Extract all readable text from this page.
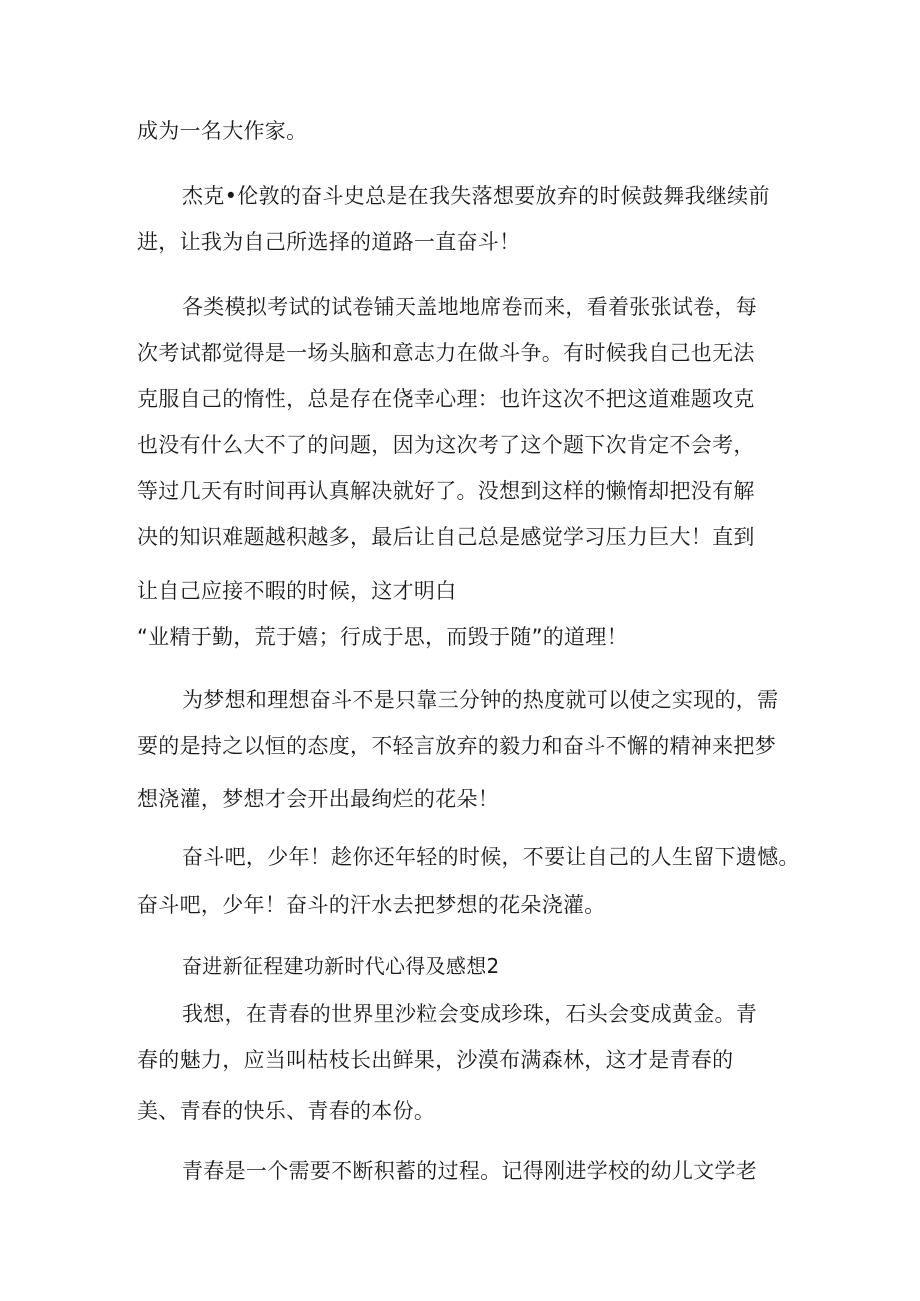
成为一名大作家。
杰克•伦敦的奋斗史总是在我失落想要放弃的时候鼓舞我继续前
进，让我为自己所选择的道路一直奋斗！
各类模拟考试的试卷铺天盖地地席卷而来，看着张张试卷，每
次考试都觉得是一场头脑和意志力在做斗争。有时候我自己也无法
克服自己的惰性，总是存在侥幸心理：也许这次不把这道难题攻克
也没有什么大不了的问题，因为这次考了这个题下次肯定不会考，
等过几天有时间再认真解决就好了。没想到这样的懒惰却把没有解
决的知识难题越积越多，最后让自己总是感觉学习压力巨大！直到
让自己应接不暇的时候，这才明白
“业精于勤，荒于嬉；行成于思，而毁于随”的道理！
为梦想和理想奋斗不是只靠三分钟的热度就可以使之实现的，需
要的是持之以恒的态度，不轻言放弃的毅力和奋斗不懈的精神来把梦
想浇灌，梦想才会开出最绚烂的花朵！
奋斗吧，少年！趁你还年轻的时候，不要让自己的人生留下遗憾。
奋斗吧，少年！奋斗的汗水去把梦想的花朵浇灌。
奋进新征程建功新时代心得及感想2
我想，在青春的世界里沙粒会变成珍珠，石头会变成黄金。青
春的魅力，应当叫枯枝长出鲜果，沙漠布满森林，这才是青春的
美、青春的快乐、青春的本份。
青春是一个需要不断积蓄的过程。记得刚进学校的幼儿文学老
